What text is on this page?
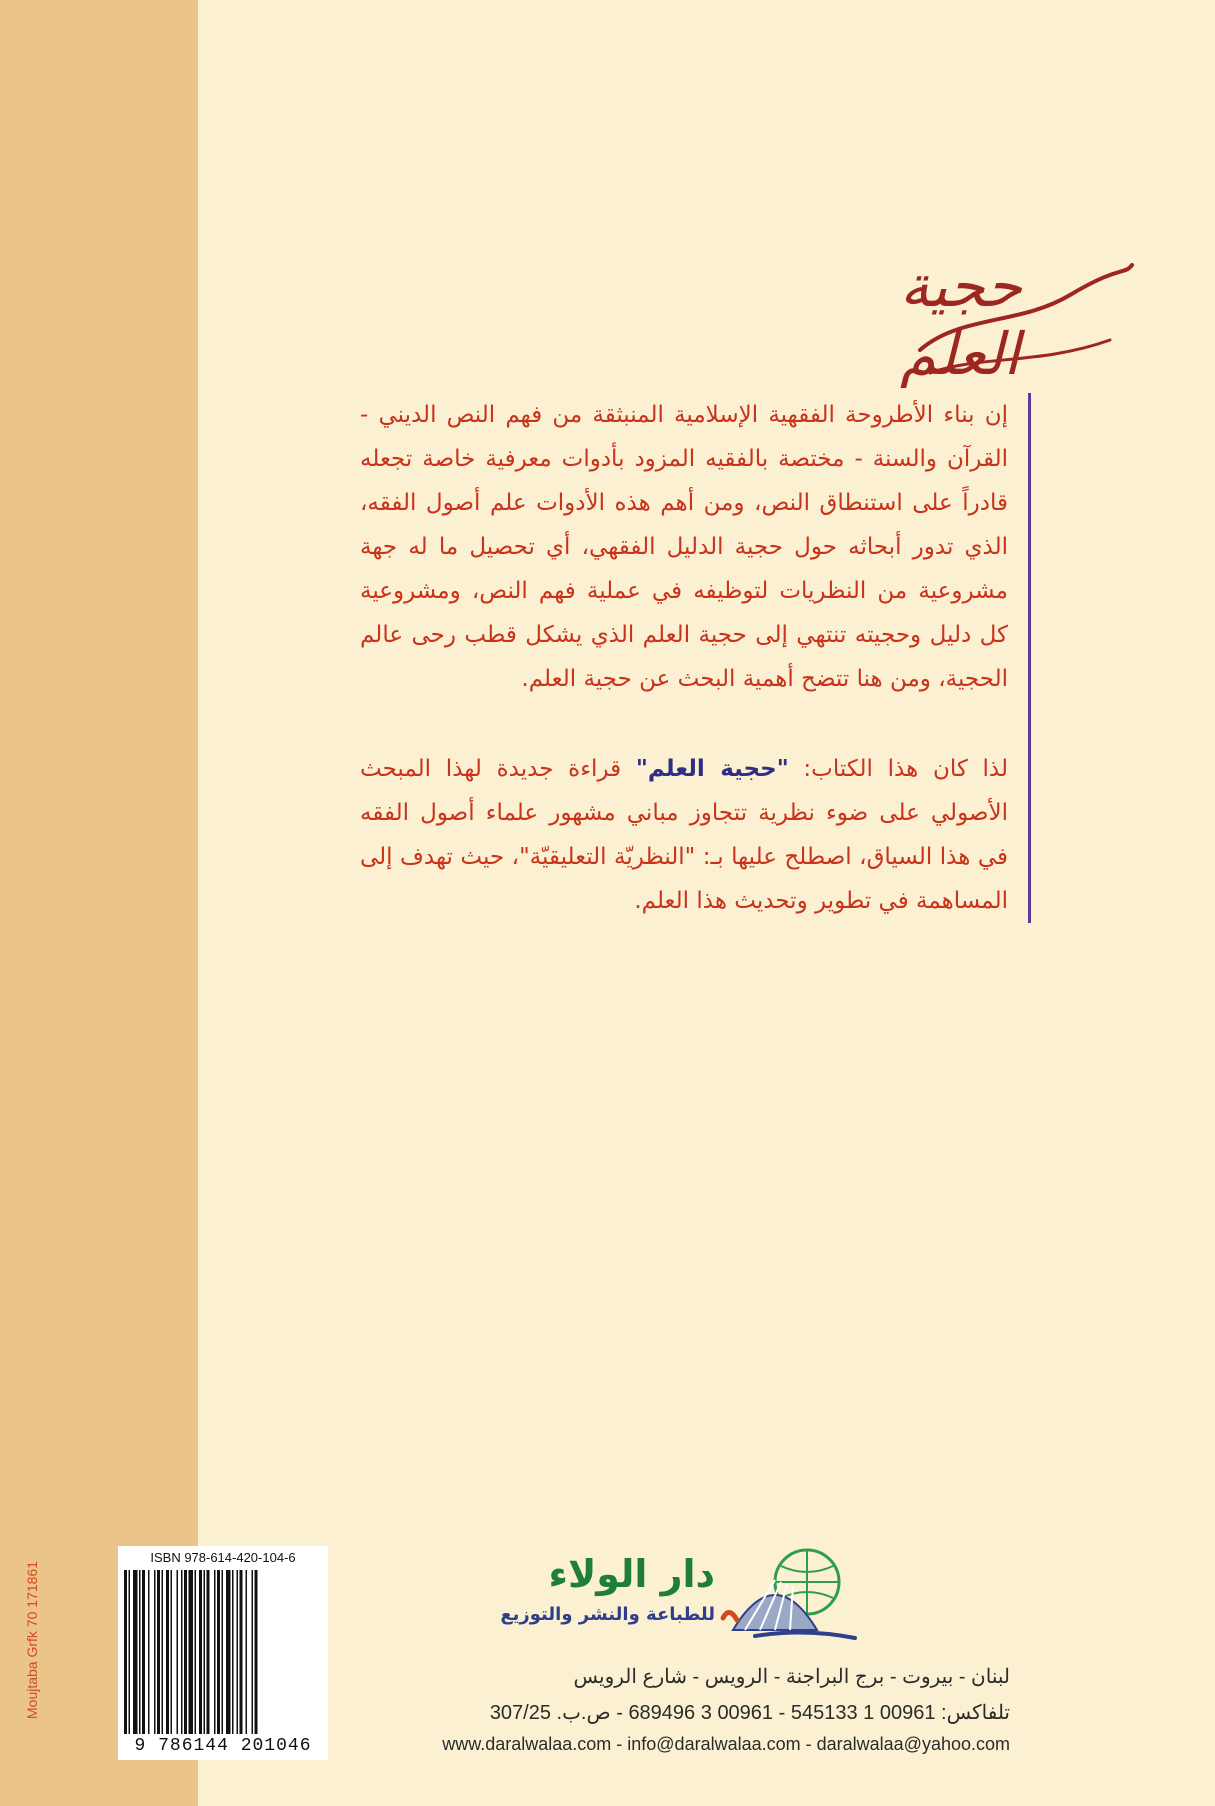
Moujtaba Grfk 70 171861
حجية العلم

إن بناء الأطروحة الفقهية الإسلامية المنبثقة من فهم النص الديني - القرآن والسنة - مختصة بالفقيه المزود بأدوات معرفية خاصة تجعله قادراً على استنطاق النص، ومن أهم هذه الأدوات علم أصول الفقه، الذي تدور أبحاثه حول حجية الدليل الفقهي، أي تحصيل ما له جهة مشروعية من النظريات لتوظيفه في عملية فهم النص، ومشروعية كل دليل وحجيته تنتهي إلى حجية العلم الذي يشكل قطب رحى عالم الحجية، ومن هنا تتضح أهمية البحث عن حجية العلم.

لذا كان هذا الكتاب: "حجية العلم" قراءة جديدة لهذا المبحث الأصولي على ضوء نظرية تتجاوز مباني مشهور علماء أصول الفقه في هذا السياق، اصطلح عليها بـ: "النظريّة التعليقيّة"، حيث تهدف إلى المساهمة في تطوير وتحديث هذا العلم.

دار الولاء
للطباعة والنشر والتوزيع
لبنان - بيروت - برج البراجنة - الرويس - شارع الرويس
تلفاكس: 00961 1 545133 - 00961 3 689496 - ص.ب. 307/25
www.daralwalaa.com - info@daralwalaa.com - daralwalaa@yahoo.com
ISBN 978-614-420-104-6
9 786144 201046
